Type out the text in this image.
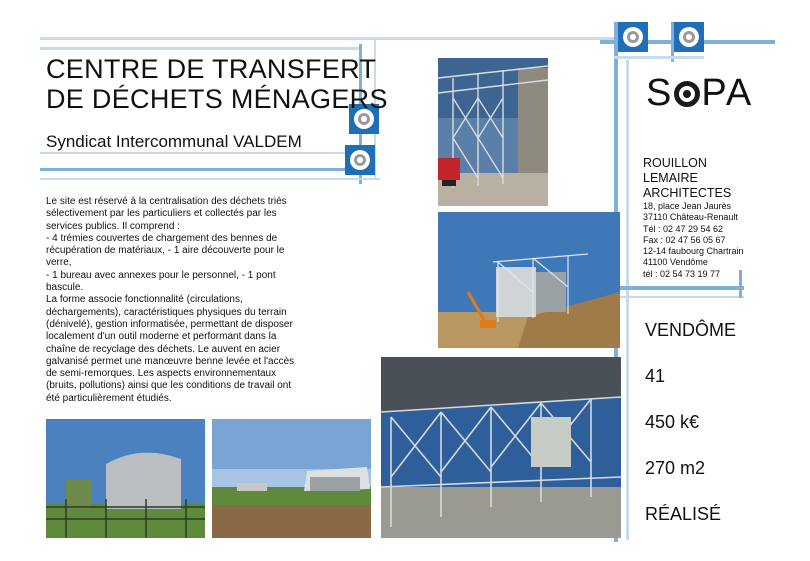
CENTRE DE TRANSFERT
DE DÉCHETS MÉNAGERS
Syndicat Intercommunal VALDEM
Le site est réservé à la centralisation des déchets triés sélectivement par les particuliers et collectés par les services publics. Il comprend :
- 4 trémies couvertes de chargement des bennes de récupération de matériaux, - 1 aire découverte pour le verre,
- 1 bureau avec annexes pour le personnel, - 1 pont bascule.
La forme associe fonctionnalité (circulations, déchargements), caractéristiques physiques du terrain (dénivelé), gestion informatisée, permettant de disposer localement d'un outil moderne et performant dans la chaîne de recyclage des déchets. Le auvent en acier galvanisé permet une manœuvre benne levée et l'accès de semi-remorques. Les aspects environnementaux (bruits, pollutions) ainsi que les conditions de travail ont été particulièrement étudiés.
S PA
ROUILLON
LEMAIRE
ARCHITECTES
18, place Jean Jaurès
37110 Château-Renault
Tél : 02 47 29 54 62
Fax : 02 47 56 05 67
12-14 faubourg Chartrain
41100 Vendôme
tél : 02 54 73 19 77
VENDÔME
41
450 k€
270 m2
RÉALISÉ
